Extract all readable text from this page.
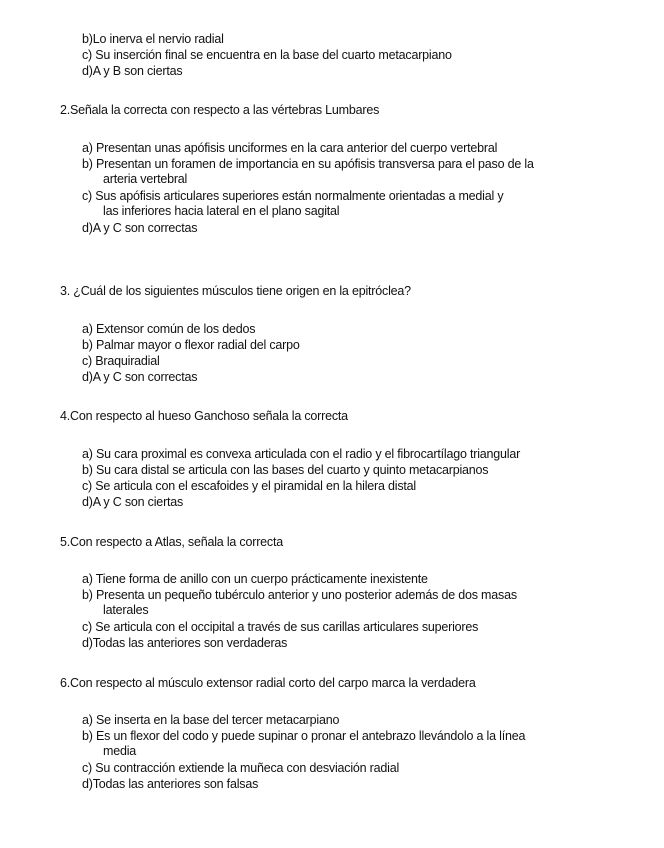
b)Lo inerva el nervio radial
c) Su inserción final se encuentra en la base del cuarto metacarpiano
d)A y B son ciertas
2.Señala la correcta con respecto a las vértebras Lumbares
a) Presentan unas apófisis unciformes en la cara anterior del cuerpo vertebral
b) Presentan un foramen de importancia en su apófisis transversa para el paso de la
arteria vertebral
c) Sus apófisis articulares superiores están normalmente orientadas a medial y
las inferiores hacia lateral en el plano sagital
d)A y C son correctas
3. ¿Cuál de los siguientes músculos tiene origen en la epitróclea?
a) Extensor común de los dedos
b) Palmar mayor o flexor radial del carpo
c) Braquiradial
d)A y C son correctas
4.Con respecto al hueso Ganchoso señala la correcta
a) Su cara proximal es convexa articulada con el radio y el fibrocartílago triangular
b) Su cara distal se articula con las bases del cuarto y quinto metacarpianos
c) Se articula con el escafoides y el piramidal en la hilera distal
d)A y C son ciertas
5.Con respecto a Atlas, señala la correcta
a) Tiene forma de anillo con un cuerpo prácticamente inexistente
b) Presenta un pequeño tubérculo anterior y uno posterior además de dos masas
laterales
c) Se articula con el occipital a través de sus carillas articulares superiores
d)Todas las anteriores son verdaderas
6.Con respecto al músculo extensor radial corto del carpo marca la verdadera
a) Se inserta en la base del tercer metacarpiano
b) Es un flexor del codo y puede supinar o pronar el antebrazo llevándolo a la línea
media
c) Su contracción extiende la muñeca con desviación radial
d)Todas las anteriores son falsas
